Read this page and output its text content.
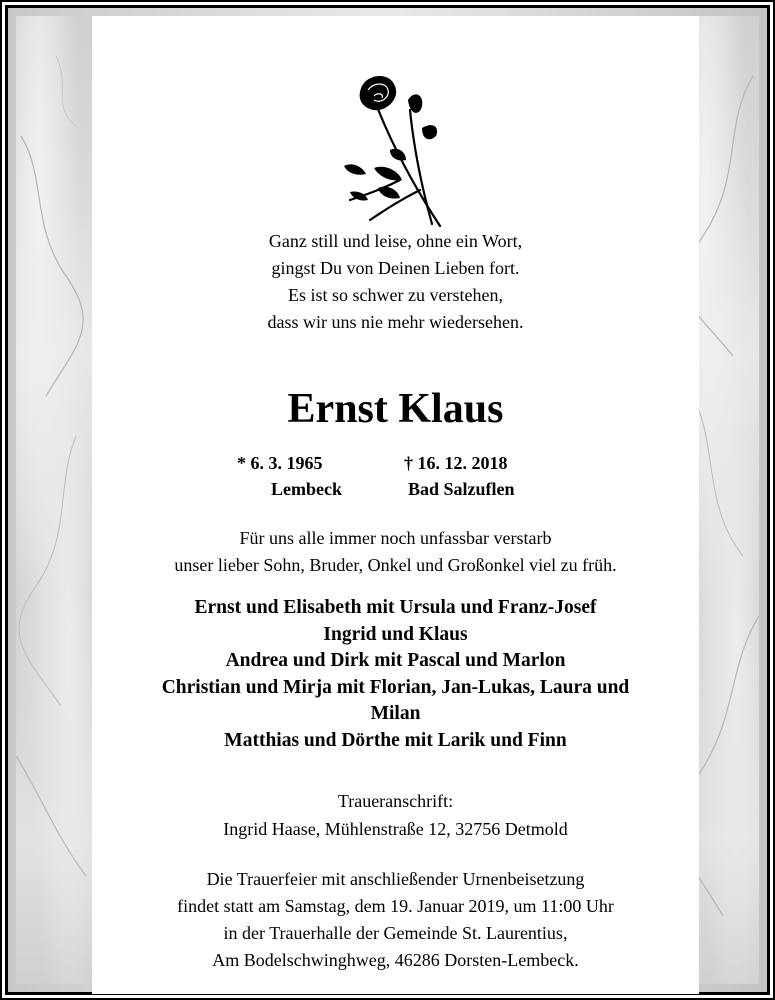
Ganz still und leise, ohne ein Wort,
gingst Du von Deinen Lieben fort.
Es ist so schwer zu verstehen,
dass wir uns nie mehr wiedersehen.
Ernst Klaus
* 6. 3. 1965
Lembeck
† 16. 12. 2018
Bad Salzuflen
Für uns alle immer noch unfassbar verstarb
unser lieber Sohn, Bruder, Onkel und Großonkel viel zu früh.
Ernst und Elisabeth mit Ursula und Franz-Josef
Ingrid und Klaus
Andrea und Dirk mit Pascal und Marlon
Christian und Mirja mit Florian, Jan-Lukas, Laura und
Milan
Matthias und Dörthe mit Larik und Finn
Traueranschrift:
Ingrid Haase, Mühlenstraße 12, 32756 Detmold
Die Trauerfeier mit anschließender Urnenbeisetzung
findet statt am Samstag, dem 19. Januar 2019, um 11:00 Uhr
in der Trauerhalle der Gemeinde St. Laurentius,
Am Bodelschwinghweg, 46286 Dorsten-Lembeck.
